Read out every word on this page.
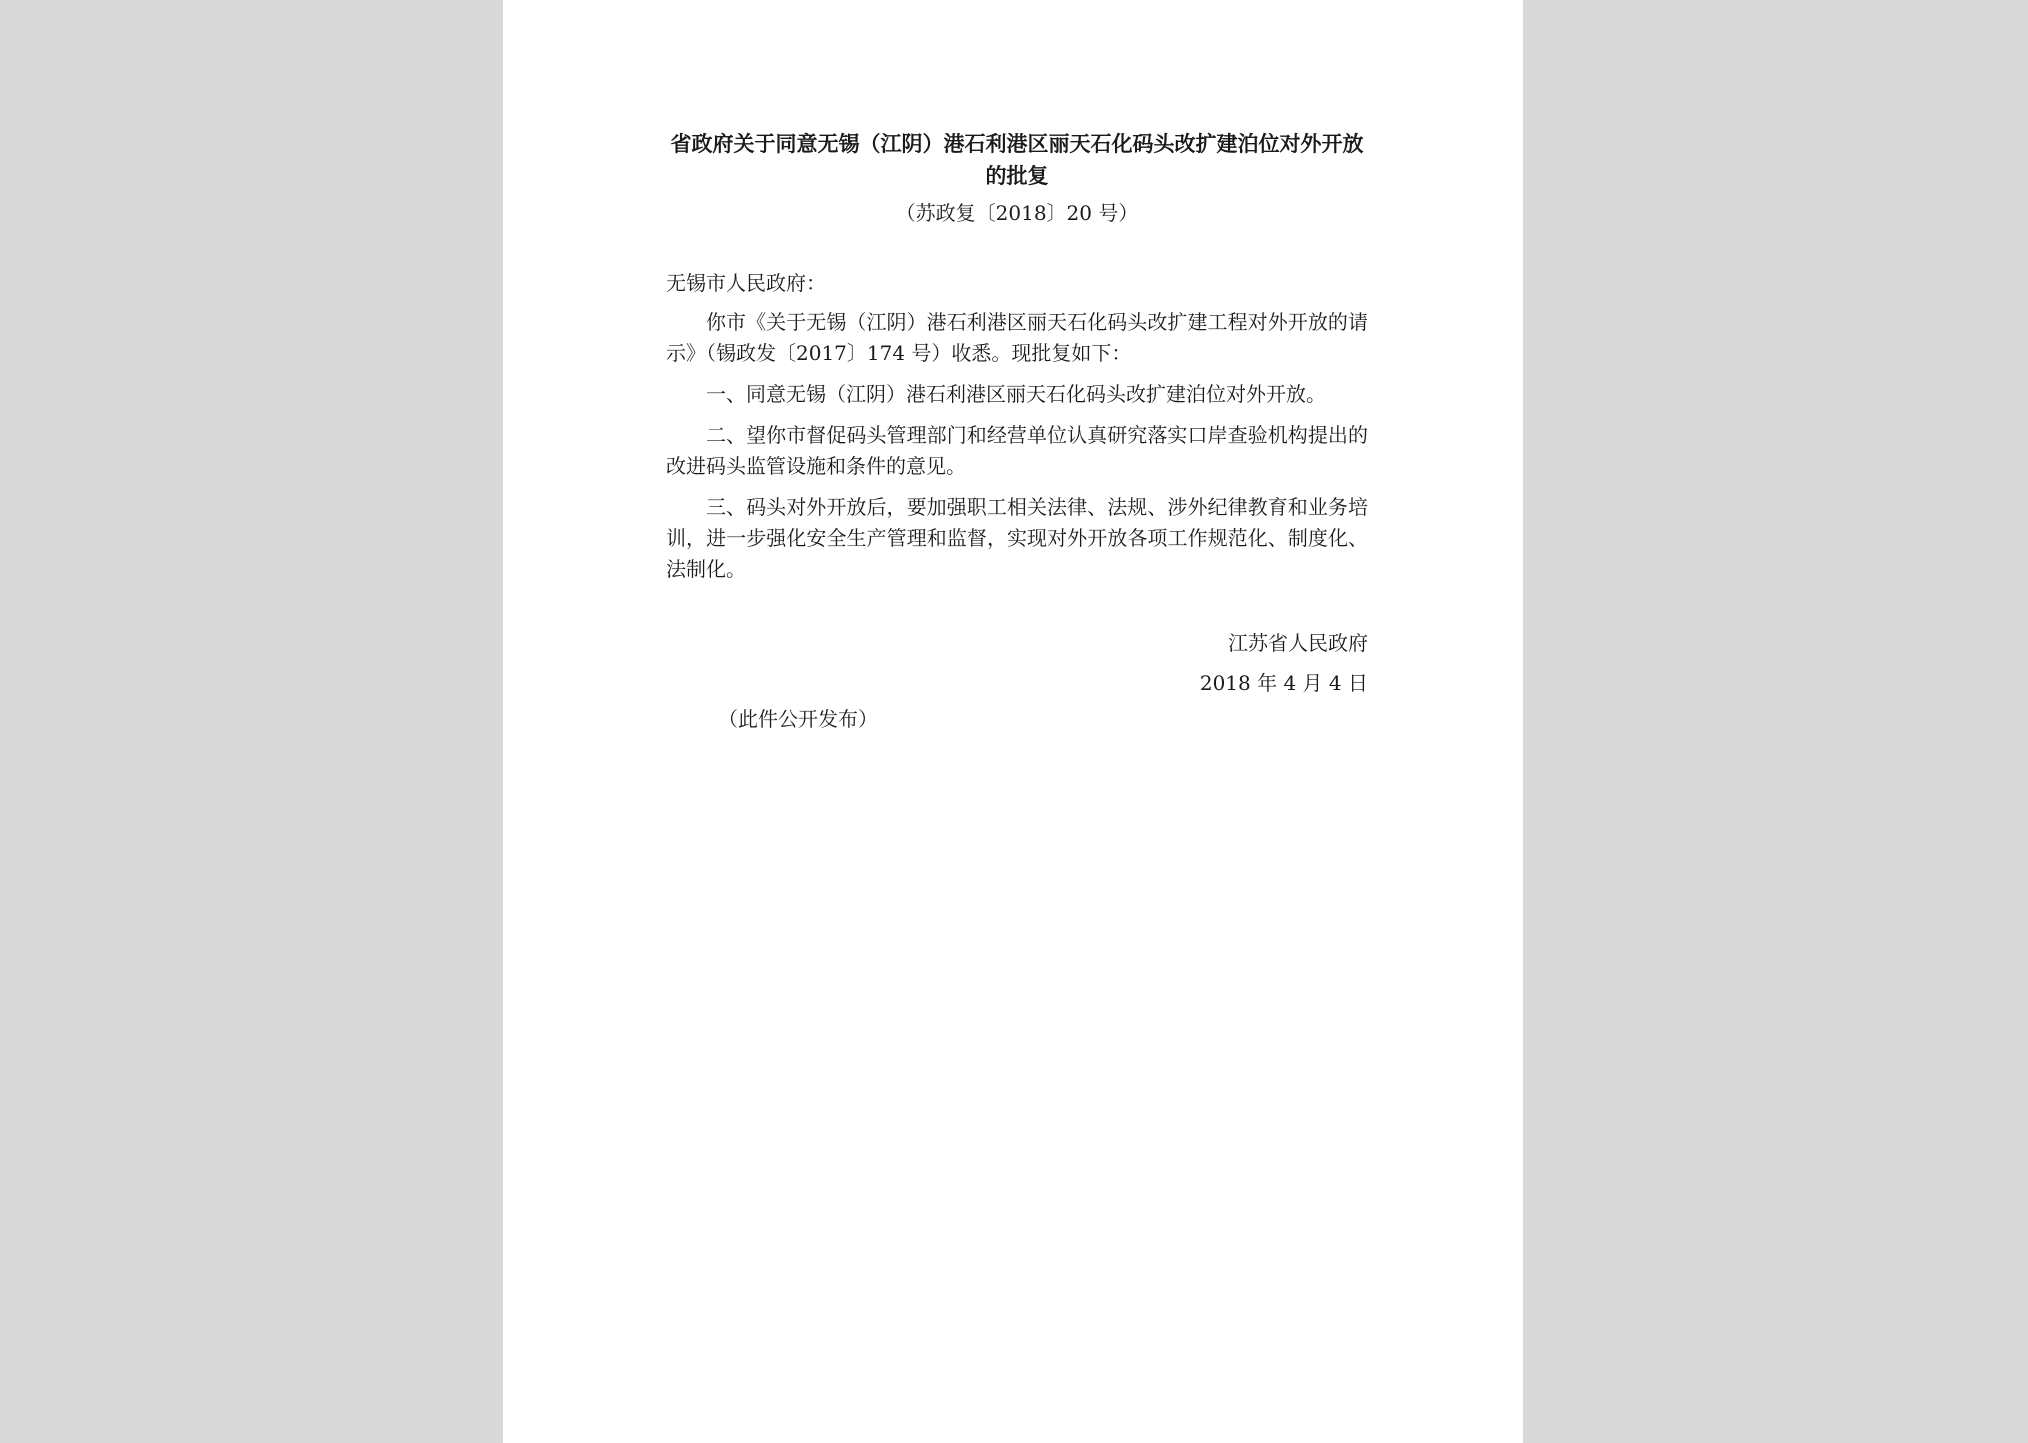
省政府关于同意无锡（江阴）港石利港区丽天石化码头改扩建泊位对外开放的批复
（苏政复〔2018〕20 号）
无锡市人民政府：

你市《关于无锡（江阴）港石利港区丽天石化码头改扩建工程对外开放的请示》（锡政发〔2017〕174 号）收悉。现批复如下：

一、同意无锡（江阴）港石利港区丽天石化码头改扩建泊位对外开放。

二、望你市督促码头管理部门和经营单位认真研究落实口岸查验机构提出的改进码头监管设施和条件的意见。

三、码头对外开放后，要加强职工相关法律、法规、涉外纪律教育和业务培训，进一步强化安全生产管理和监督，实现对外开放各项工作规范化、制度化、法制化。

江苏省人民政府
2018 年 4 月 4 日
（此件公开发布）
